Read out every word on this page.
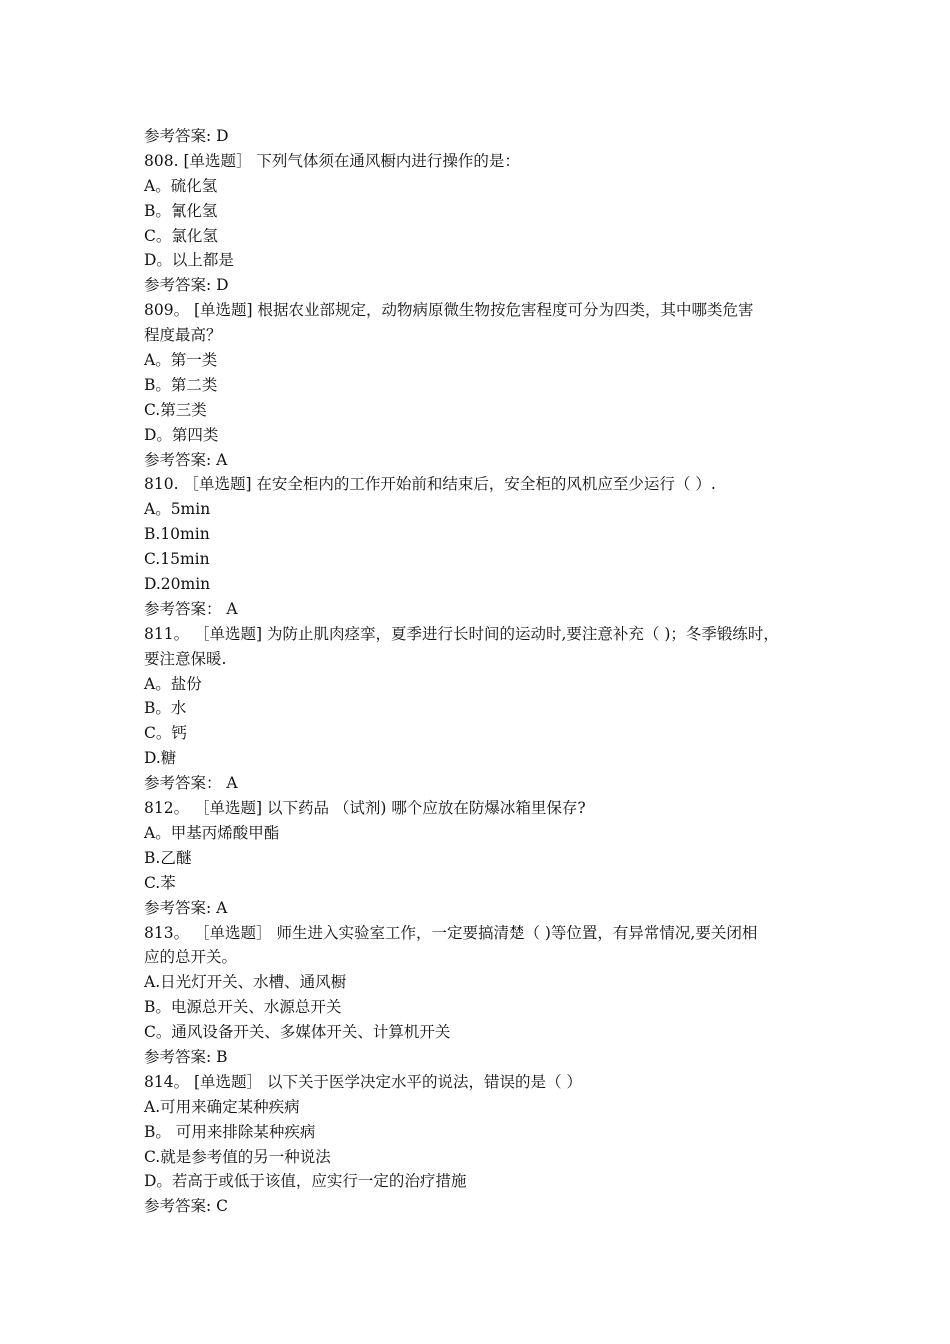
参考答案: D
808. [单选题］ 下列气体须在通风橱内进行操作的是：
A。硫化氢
B。氰化氢
C。氯化氢
D。以上都是
参考答案: D
809。 [单选题] 根据农业部规定，动物病原微生物按危害程度可分为四类，其中哪类危害
程度最高？
A。第一类
B。第二类
C.第三类
D。第四类
参考答案: A
810. ［单选题] 在安全柜内的工作开始前和结束后，安全柜的风机应至少运行（ ）.
A。5min
B.10min
C.15min
D.20min
参考答案： A
811。 ［单选题] 为防止肌肉痉挛，夏季进行长时间的运动时,要注意补充（ )；冬季锻练时，
要注意保暖.
A。盐份
B。水
C。钙
D.糖
参考答案： A
812。 ［单选题] 以下药品 （试剂) 哪个应放在防爆冰箱里保存?
A。甲基丙烯酸甲酯
B.乙醚
C.苯
参考答案: A
813。 ［单选题］ 师生进入实验室工作，一定要搞清楚（ )等位置，有异常情况,要关闭相
应的总开关。
A.日光灯开关、水槽、通风橱
B。电源总开关、水源总开关
C。通风设备开关、多媒体开关、计算机开关
参考答案: B
814。 [单选题］ 以下关于医学决定水平的说法，错误的是（ ）
A.可用来确定某种疾病
B。 可用来排除某种疾病
C.就是参考值的另一种说法
D。若高于或低于该值，应实行一定的治疗措施
参考答案: C
